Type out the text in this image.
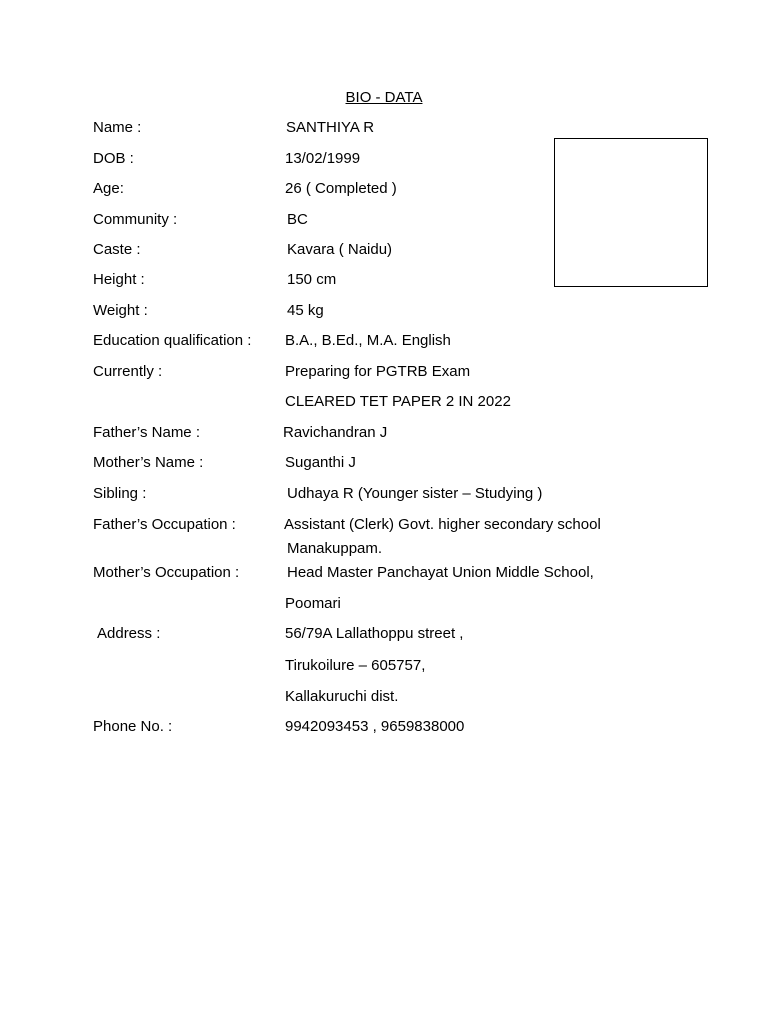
BIO - DATA
Name :	SANTHIYA R
DOB :	13/02/1999
Age:	26 ( Completed )
Community :	BC
Caste :	Kavara ( Naidu)
Height :	150 cm
Weight :	45 kg
Education qualification : B.A., B.Ed., M.A. English
Currently :	Preparing for PGTRB Exam
CLEARED TET PAPER 2 IN 2022
Father’s Name :	Ravichandran J
Mother’s Name :	Suganthi J
Sibling :	Udhaya R (Younger sister – Studying )
Father’s Occupation :	Assistant (Clerk) Govt. higher secondary school
Manakuppam.
Mother’s Occupation :	Head Master Panchayat Union Middle School,
Poomari
Address :	56/79A Lallathoppu street ,
Tirukoilure – 605757,
Kallakuruchi dist.
Phone No. :	9942093453 , 9659838000
